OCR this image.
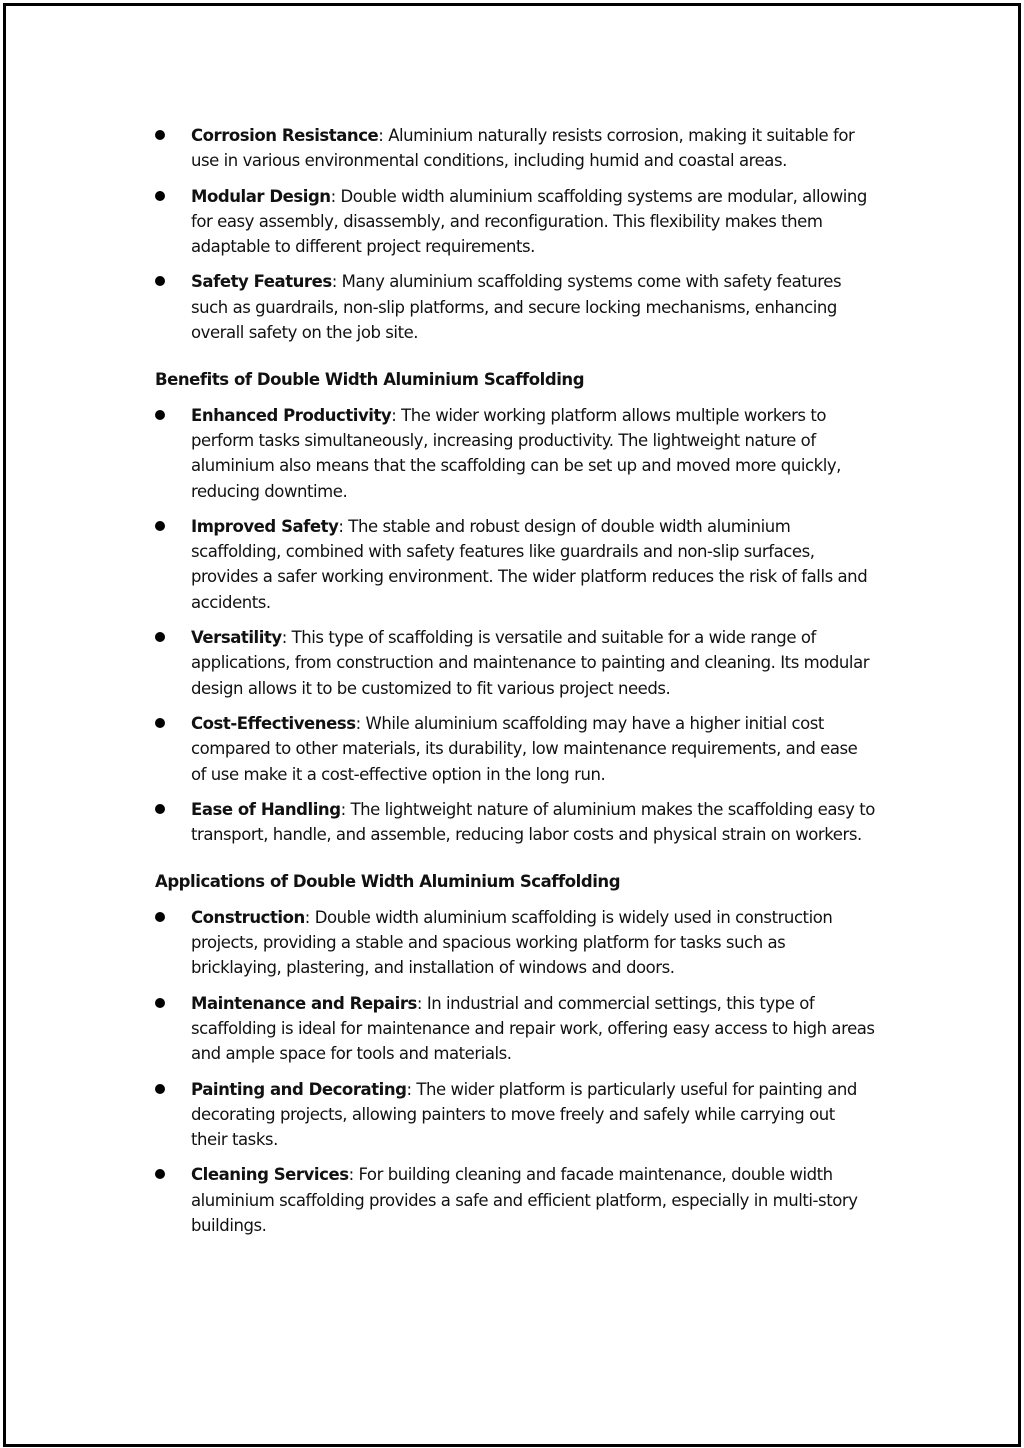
Corrosion Resistance: Aluminium naturally resists corrosion, making it suitable for use in various environmental conditions, including humid and coastal areas.
Modular Design: Double width aluminium scaffolding systems are modular, allowing for easy assembly, disassembly, and reconfiguration. This flexibility makes them adaptable to different project requirements.
Safety Features: Many aluminium scaffolding systems come with safety features such as guardrails, non-slip platforms, and secure locking mechanisms, enhancing overall safety on the job site.
Benefits of Double Width Aluminium Scaffolding
Enhanced Productivity: The wider working platform allows multiple workers to perform tasks simultaneously, increasing productivity. The lightweight nature of aluminium also means that the scaffolding can be set up and moved more quickly, reducing downtime.
Improved Safety: The stable and robust design of double width aluminium scaffolding, combined with safety features like guardrails and non-slip surfaces, provides a safer working environment. The wider platform reduces the risk of falls and accidents.
Versatility: This type of scaffolding is versatile and suitable for a wide range of applications, from construction and maintenance to painting and cleaning. Its modular design allows it to be customized to fit various project needs.
Cost-Effectiveness: While aluminium scaffolding may have a higher initial cost compared to other materials, its durability, low maintenance requirements, and ease of use make it a cost-effective option in the long run.
Ease of Handling: The lightweight nature of aluminium makes the scaffolding easy to transport, handle, and assemble, reducing labor costs and physical strain on workers.
Applications of Double Width Aluminium Scaffolding
Construction: Double width aluminium scaffolding is widely used in construction projects, providing a stable and spacious working platform for tasks such as bricklaying, plastering, and installation of windows and doors.
Maintenance and Repairs: In industrial and commercial settings, this type of scaffolding is ideal for maintenance and repair work, offering easy access to high areas and ample space for tools and materials.
Painting and Decorating: The wider platform is particularly useful for painting and decorating projects, allowing painters to move freely and safely while carrying out their tasks.
Cleaning Services: For building cleaning and facade maintenance, double width aluminium scaffolding provides a safe and efficient platform, especially in multi-story buildings.
